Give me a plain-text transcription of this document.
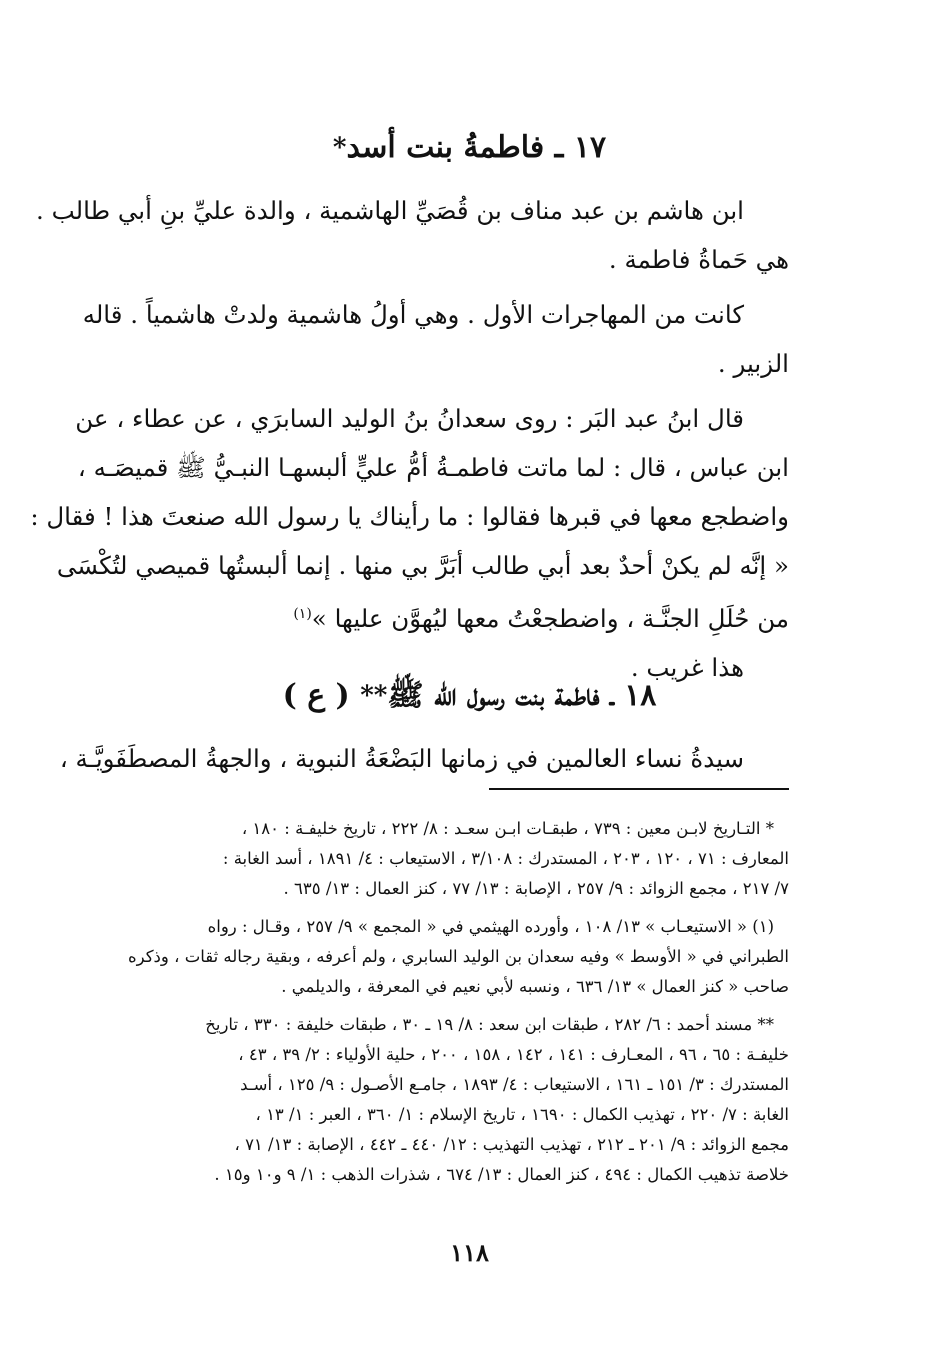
١٧ ـ فاطمةُ بنت أسد*
ابن هاشم بن عبد مناف بن قُصَيِّ الهاشمية ، والدة عليِّ بنِ أبي طالب .
هي حَماةُ فاطمة .
كانت من المهاجرات الأول . وهي أولُ هاشمية ولدتْ هاشمياً . قاله
الزبير .
قال ابنُ عبد البَر : روى سعدانُ بنُ الوليد السابرَي ، عن عطاء ، عن
ابن عباس ، قال : لما ماتت فاطمـةُ أمُّ عليٍّ ألبسهـا النبـيُّ ﷺ قميصَـه ،
واضطجع معها في قبرها فقالوا : ما رأيناك يا رسول الله صنعتَ هذا ! فقال :
« إنَّه لم يكنْ أحدٌ بعد أبي طالب أبَرَّ بي منها . إنما ألبستُها قميصي لتُكْسَى
من حُلَلِ الجنَّـة ، واضطجعْتُ معها ليُهوَّن عليها »$^{(١)}$
هذا غريب .
١٨ ـ فاطمة بنت رسول الله ﷺ** ( ع )
سيدةُ نساء العالمين في زمانها البَضْعَةُ النبوية ، والجهةُ المصطَفَويَّـة ،
* التـاريخ لابـن معين : ٧٣٩ ، طبقـات ابـن سعـد : ٨/ ٢٢٢ ، تاريخ خليفـة : ١٨٠ ،
المعارف : ٧١ ، ١٢٠ ، ٢٠٣ ، المستدرك : ٣/١٠٨ ، الاستيعاب : ٤/ ١٨٩١ ، أسد الغابة :
٧/ ٢١٧ ، مجمع الزوائد : ٩/ ٢٥٧ ، الإصابة : ١٣/ ٧٧ ، كنز العمال : ١٣/ ٦٣٥ .
(١) « الاستيعـاب » ١٣/ ١٠٨ ، وأورده الهيثمي في « المجمع » ٩/ ٢٥٧ ، وقـال : رواه
الطبراني في « الأوسط » وفيه سعدان بن الوليد السابري ، ولم أعرفه ، وبقية رجاله ثقات ، وذكره
صاحب « كنز العمال » ١٣/ ٦٣٦ ، ونسبه لأبي نعيم في المعرفة ، والديلمي .
** مسند أحمد : ٦/ ٢٨٢ ، طبقات ابن سعد : ٨/ ١٩ ـ ٣٠ ، طبقات خليفة : ٣٣٠ ، تاريخ
خليفـة : ٦٥ ، ٩٦ ، المعـارف : ١٤١ ، ١٤٢ ، ١٥٨ ، ٢٠٠ ، حلية الأولياء : ٢/ ٣٩ ، ٤٣ ،
المستدرك : ٣/ ١٥١ ـ ١٦١ ، الاستيعاب : ٤/ ١٨٩٣ ، جامـع الأصـول : ٩/ ١٢٥ ، أسـد
الغابة : ٧/ ٢٢٠ ، تهذيب الكمال : ١٦٩٠ ، تاريخ الإسلام : ١/ ٣٦٠ ، العبر : ١/ ١٣ ،
مجمع الزوائد : ٩/ ٢٠١ ـ ٢١٢ ، تهذيب التهذيب : ١٢/ ٤٤٠ ـ ٤٤٢ ، الإصابة : ١٣/ ٧١ ،
خلاصة تذهيب الكمال : ٤٩٤ ، كنز العمال : ١٣/ ٦٧٤ ، شذرات الذهب : ١/ ٩ و١٠ و١٥ .
١١٨
